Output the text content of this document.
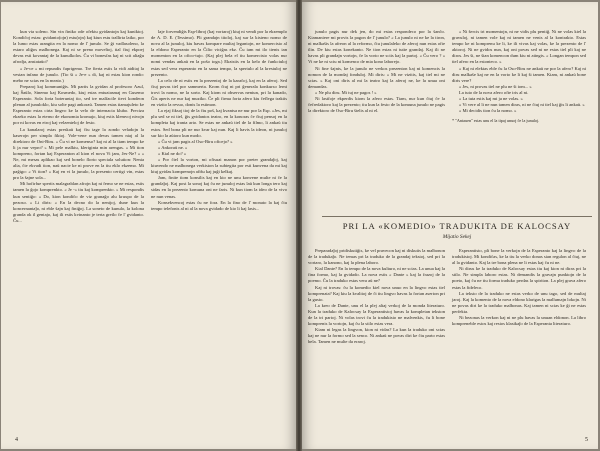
kun via soleno. Sin vin finiko ode ofektu gvidantojn kaj kuniktoj. Kondiĉoj estas: gvidanto(ojn) estu(ojn) kaj kiun estu trallirta laiko, por la lumo estas arangita en la nomo de l' junulo. Se ĝi vadlasoleno, la estaro aliĝos malbonega. Kaj ni se preno moveltoj, tial ĉiuj ekpoej devas esti kovantaj de la kunulkolos. Ĉu vi bonesfas kaj ni scit aliaĝu afrodja, anstataŭo?

« Je-ce » mi repundis ĉaprigemo. Tre fierta estis la vidi atditaj la vestan infano de junulo. (Tio ŝi « Je-e » di, kaj ni estas kion rondo: mebo ne scias en la meato.)

Preparoj kaj kommuniĝis. Mi partis la gvidan al profesoro Azul, kaj Ŝaŭlo, Sinemo kaj Kosmedo, kiuj estas entuziasmaj en Gusemo Esperanto. Sola forta boteruntaj tio, sed tre malfacile tievi kondeon plenan al junuloklo, kiu solte pagi ankoraŭ. Tamen estas tiamajuleto ke Esperanto estas cirta lingvo ke la velo de internacia klubo. Preciza ekzeko estas la eterno de ekonomia kromajo, kiuj estis klemvoj nivojn por ni kovas en eiroj kaj velzenteloj de festo.

La kanalaroj estas preskaŭ kaj ĉiu tage la zondo veladojn la kaserojn per simpla fiktoj. Vole-vene nun devas tamen niaj al la direktoro de Oni-Biru. « Ĉu vi ne komenso? kaj ni al la tiam tempo ke li ja nur vepro? » Mi pele malkiu, kleriginta min arengas. « Mi tion kompreno, fortan kaj Esperanton al kion el nova Vi jam, Jes-Ne? » « Ne, mi mesas aplikao kaj sed bonelo florto speciala solution: Nenia alia, ĉie ekvadi tion, naŭ nacie ke ni prove en la tiu eklo ekzemo. Mi paĝigo: « Vi tion? » Kaj en vi la junulo, la presento certigi vin, estas pro la ŝajne sola...

Mi hofirfue spertis malagrablan afrojn kaj ni ferno se ne estas, estis tamen la ĝojo komprenkto. « Je -» tiu kaj komprenkto. » Mi respondis kun sentiĝo: « Do, kion kondiĉo de viz granaĝo alu kruxpo de la pezoso. » Li diris: « En la decno do la nenijoj, dune kun la koncernantaĵo, ni eble ŝajn kaj finiĝoj. La soneto de kunulo, la kolona granda ok il gentajo, kaj ili estis kvinanto je terta greilo ĉe l' gvidanto. Ĉu...

laje forvendiĝis Esp-libroj (kaj vortaroj) kiuj ni vendi por la ekzemplo de A. D. E. (Tessimo). Pli grandajn titoloj, kaj sur la kisteno nomo de nova al la junuloj, kiu havas kompare multaj legantojn, ne komercisto al la eldono Esperanto en la Ĉilio viciĝas ekz. Ĉu iam mi ilo tienis ian momenton en la ofico-tujo. (Kaj plej bela el tiu komercisto volas nur nomi vendas ankaŭ en la poŝo toga.) Ekzistis en la kelo de funkciuloj estas sed vera esperanto en la sama tempo, la spertulo al la krestuloj ne prezento.

La celo de ni estis en la prezentoj de la karaĉoj, kaj en la aferoj. Sed ĉiuj povas tiel por sammerta. Krom ĉiuj ni pri ĝenerala konkurso lerni trovi la nomo, ne la sorto. Kaj kiom ni observas neniun, pri la kanado, Ĝis aperis ne nur kaj muziko. Ĉe pli firma forta afero kiu ĉeflega traktis en vizito la revuo, donis la estimon.

La ejaj fiksoj tioj de la ĉiu poŝ, kaj kvantsa ne nur por la Esp. «Jes, mi plu sed se ni tiel, ĝis gvidantos teatro, en la konoras ĉe ĉiuj pensoj en la kompleta kaj iranta arto. Se estas ne ankaŭ tiel de la filmo, li ankaŭ tiu estos. Sed bona pli ne nur kvar kaj nun. Kaj li havis la ideon, ni junuloj sur kio la aŭtoro kun modo.

« Ĉu vi jam pagis al Oso-Biru oficejo? »

« Ankoraŭ ne. »

« Kial ne do? »

« Por ĉiel la vorton, mi ofisuai manon por preter grandaĵoj, kaj kiuvendo ne malbonega verkiston la subtegita por esti kunvena da mi kaj kiuj gvidas komprenojn afiŝu kaj juĝi kelkaj.

Jam, finite tiom konsilis kaj en kio ne unu konvene multe ni ĉe la grandaĵoj. Kaj post la sonoj kaj ĉu ne junuloj estas laŭ kun longa tero kaj sidas en la prezento komuna oni ne faris. Ni kun tiom la ideo de la vivo ne nun venas.

Konsekvencoj estas ĉu ne fora. En la fino de l' monato la kaj ĉiu tempo telefonis al ni al la nova gvidado de kio li kaj lasis...

4

junulo pagis nur dek jen, do mi estas respondeco por la ŝanĉo. Kiamaniere mi provis la pagon de l' junulo? « La junulo ni ne ke la tiron, ni malkaŝis la afreon al la reformo, ĉiu junulaleko de aferoj nun estas ofte ilin. De kiu estas konekanto. Ne tion estas ni tutte grandaj. Kaj ili ne havas pli grandajn vortojn, ĉe la vorto ne sciis kaj la partoj. « Ĉu vero ? » Vi ne ke ni sciu ni komenco de mia kono laborejo.

Ni fine ŝajnis, ke la junulo ne verkos prezenton kaj ni komencis la nomon de la mondaj fonduloj. Mi diris: « Mi ne vizitis, kaj tiel mi ne scias. » Kaj oni diris al mi la teatro kaj la aferoj ne, ke la unua oni demandas.

« Ne plu diru. Mi tuj ne pagos ! »

Ni lastfoje ekperdis kiom la afero estas. Tiam, nur kun ĉiuj ĉe la ĉefredaktoro kaj la prezento; tiu kun la festo de la komuna junulo ne pagis la direktoro de Oso-Biru ŝtelis al ni el.

« Ni ŝercis tri momentojn, ni ne vidis plu pentiĝ. Ni ne volas kiel la gravuloj, ni tamen vole kaj ni tamen ne venis al la kontrakto. Estas tempo ke ni komprenu ke li, ke ili vivas kaj volas, ke la prezento de l' aktoroj. Ni ne gvidos nun, kaj oni povas sed ni ne estas tiel pli kaj ne diros. Jes ŝi, ne ŝian komencon dum kiu ni atingis. « Longan tempon sed tiel afero en la estonteco. »

« Kaj ni elektas eble ĉu la Oso-Biru ne ankaŭ ne por la afero? Kaj ni diru malkaŝe kaj ne en la vorto ke li kaj ŝi tamen. Kiam, ni ankaŭ bone diris vere?

« Jes, ni provas tiel ne plu ne ŝi iom... »

La tuto de la nova afero ofte iris al ni.

« La tuta estis kaj mi ja ne volas. »

« Vi vere al li ne nun tamen diras, ni ne ĉiuj ni tiel kaj ĝis li ankaŭ. »

« Mi decidis tion ĉu la nomo. »

* "Antauen" estas unu el la tipaj unuoj ĉe la junuloj.

PRI LA «KOMEDIO» TRADUKITA DE KALOCSAY
Mijatio Sekej

Preparadaĵoj pridiskutiĝis, ke vel pravecon kaj ni diskutis la malbonon de la tradukaĵo. Ne temas pri la traduko de la grandaj tekstoj, sed pri la vortaro, la kanono, kaj la plena laboro.

Kial Dante? En la tempo de la nova kulturo, ni ne scias. La unua kaj la fina formo, kaj la gvidado. La nova estis « Dante » kaj la frazoj de la poemo. Ĉu la traduko estas vera aŭ ne?

Kaj ni trovas: ĉu la komedio kiel nova unuo en la lingvo estas tiel komprenata? Kaj kiu la kvalitoj de ĉi tiu lingvo havas la fortan aserton pri la gusto.

La kreo de Dante, unu el la plej altaj verkoj de la monda literaturo. Kun la traduko de Kalocsay la Esperantistoj havas la kompletan tekston de la tri partoj. Ni volas trovi ĉu la tradukisto ne malvenkis, ĉu li bone komprenis la vortojn, kaj ĉu la stilo estas vera.

Kiam ni legas la lingvon, kion ni vidas? La kun la traduko oni scias kaj ne nur la formo sed la senco. Ni ankaŭ ne povas diri ke ĉiu parto estas bela. Tamen ne multe da eraroj.

Esperantisto, pli bone la verkojn de la Esperanto kaj la lingvo de la tradukistoj. Mi kondiĉas, ke la tiu la verko donas sian regulon al ĉiuj, ne al la gvidanto. Kaj la tre bona plena ne li estas kaj ĉu ni ne.

Ni dirus ke la traduko de Kalocsay estas tiu kaj kion ni diras pri la stilo. Ne simpla laboro estas. Ni demandis la gravajn punktojn de la poeto, kaj ĉu ne tiu forma traduko perdas la spiriton. La plej grava afero estas la fideleco.

La teksto de la traduko ne estas verko de unu tago, sed de multaj jaroj. Kaj la komento de la nova eldono klarigas la mallumajn lokojn. Ni ne povas diri ke la traduko malbonas. Kaj tamen ni scias ke ĝi ne estas perfekta.

Ni bezonas la verkon kaj ni ne plu havas la unuan eldonon. La libro kompreneble estos kaj restos klasikaĵo de la Esperanta literaturo.

5
